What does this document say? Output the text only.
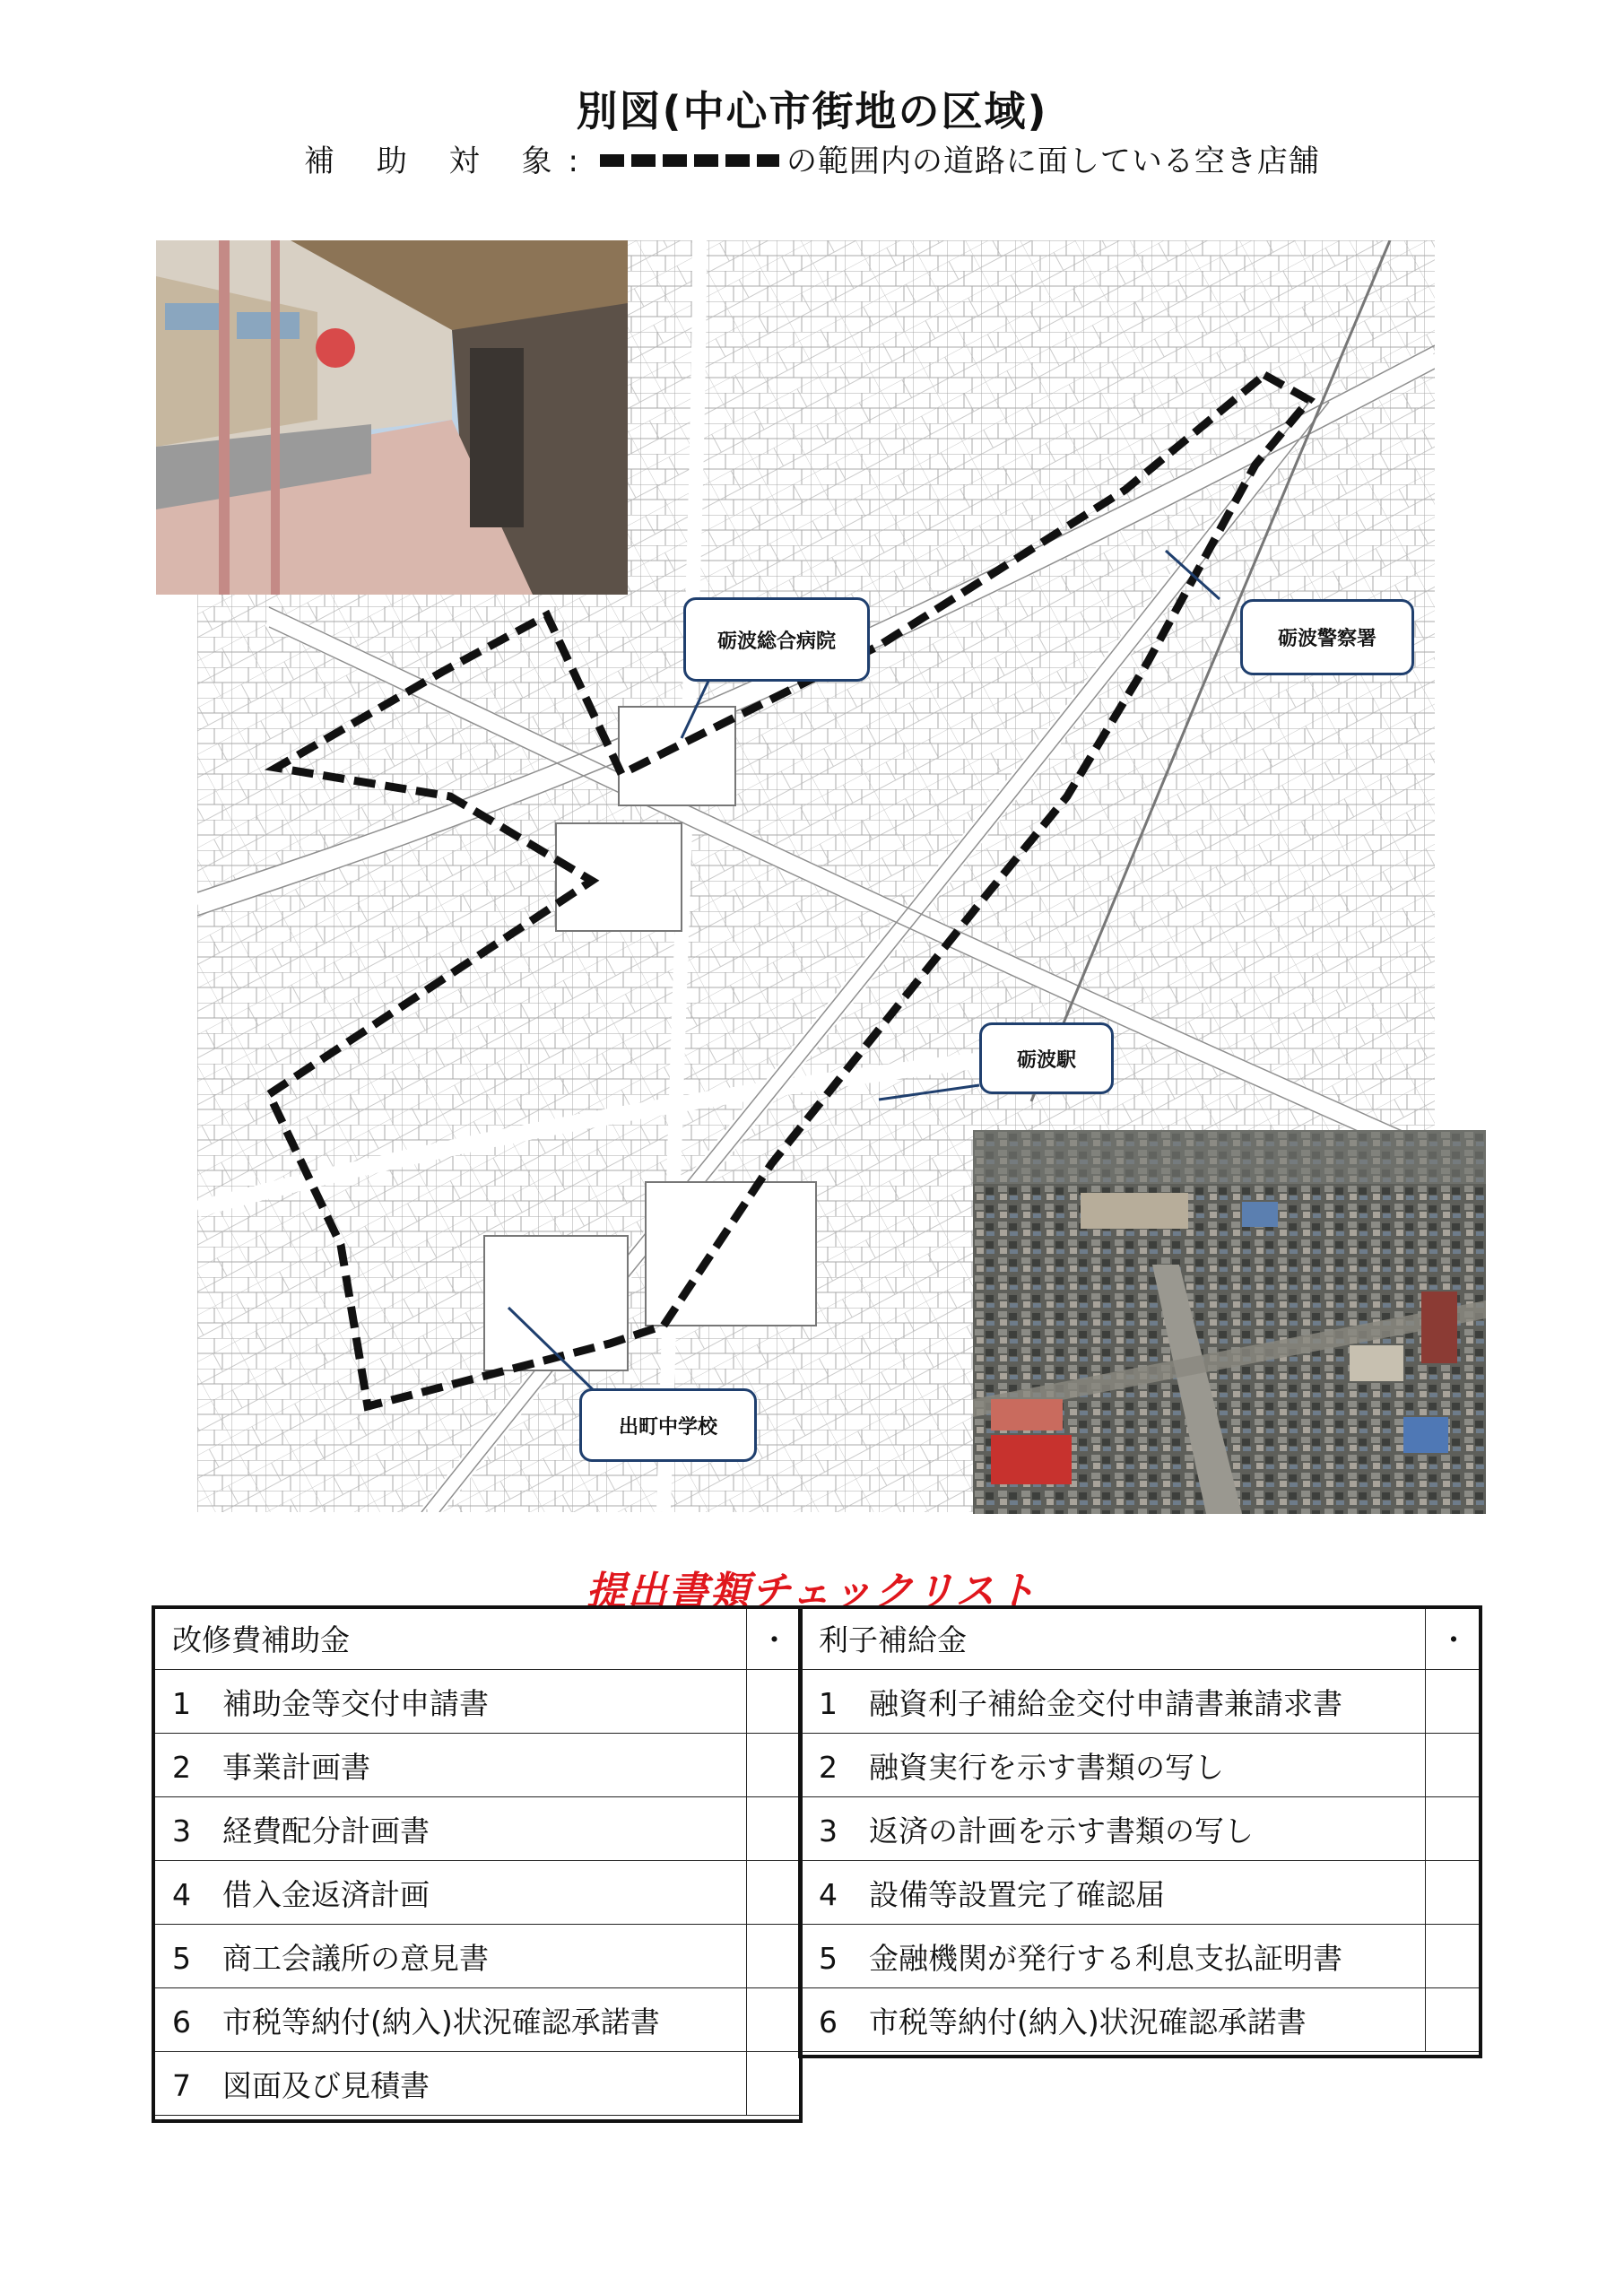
別図(中心市街地の区域)
補 助 対 象:	の範囲内の道路に面している空き店舗
砺波総合病院	砺波警察署
砺波駅
出町中学校
提出書類チェックリスト
改修費補助金	・
1 補助金等交付申請書	
2 事業計画書	
3 経費配分計画書	
4 借入金返済計画	
5 商工会議所の意見書	
6 市税等納付(納入)状況確認承諾書	
7 図面及び見積書	
利子補給金	・
1 融資利子補給金交付申請書兼請求書	
2 融資実行を示す書類の写し	
3 返済の計画を示す書類の写し	
4 設備等設置完了確認届	
5 金融機関が発行する利息支払証明書	
6 市税等納付(納入)状況確認承諾書	
